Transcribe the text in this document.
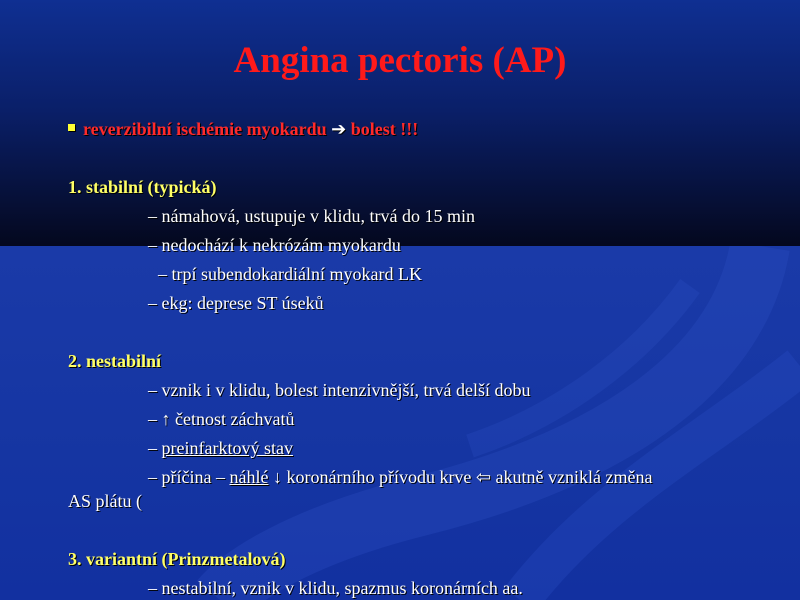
Angina pectoris (AP)
reverzibilní ischémie myokardu ➔ bolest !!!
1. stabilní (typická)
– námahová, ustupuje v klidu, trvá do 15 min
– nedochází k nekrózám myokardu
– trpí subendokardiální myokard LK
– ekg: deprese ST úseků
2. nestabilní
– vznik i v klidu, bolest intenzivnější, trvá delší dobu
– ↑ četnost záchvatů
– preinfarktový stav
– příčina – náhlé ↓ koronárního přívodu krve ⇦ akutně vzniklá změna
AS plátu (
3. variantní (Prinzmetalová)
– nestabilní, vznik v klidu, spazmus koronárních aa.
